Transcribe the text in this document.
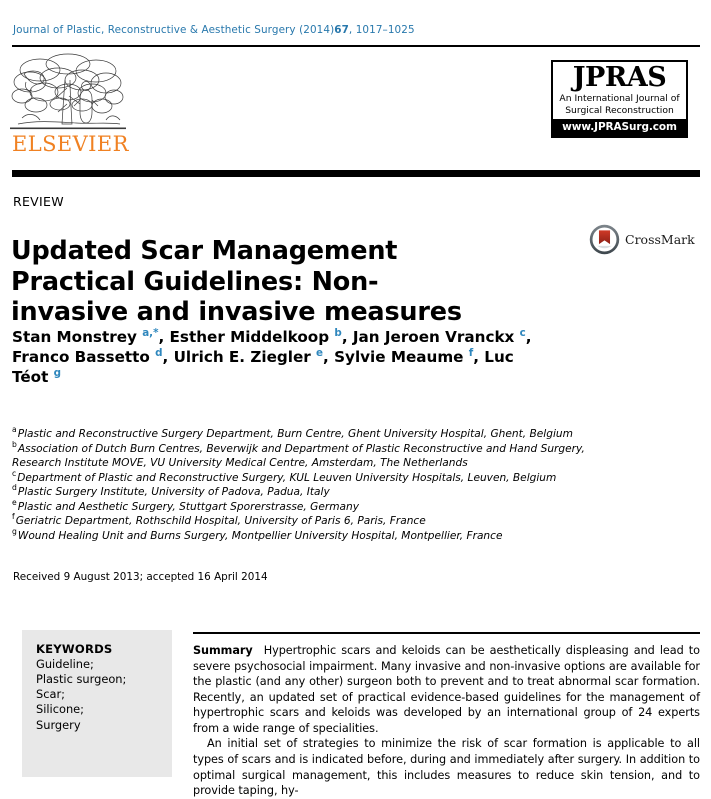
Journal of Plastic, Reconstructive & Aesthetic Surgery (2014)67, 1017–1025
ELSEVIER
JPRAS
An International Journal of
Surgical Reconstruction
www.JPRASurg.com
REVIEW
Updated Scar Management Practical Guidelines: Non-invasive and invasive measures
CrossMark
Stan Monstrey $^{a,*}$, Esther Middelkoop $^b$, Jan Jeroen Vranckx $^c$, Franco Bassetto $^d$, Ulrich E. Ziegler $^e$, Sylvie Meaume $^f$, Luc Téot $^g$
$^a$Plastic and Reconstructive Surgery Department, Burn Centre, Ghent University Hospital, Ghent, Belgium
$^b$Association of Dutch Burn Centres, Beverwijk and Department of Plastic Reconstructive and Hand Surgery, Research Institute MOVE, VU University Medical Centre, Amsterdam, The Netherlands
$^c$Department of Plastic and Reconstructive Surgery, KUL Leuven University Hospitals, Leuven, Belgium
$^d$Plastic Surgery Institute, University of Padova, Padua, Italy
$^e$Plastic and Aesthetic Surgery, Stuttgart Sporerstrasse, Germany
$^f$Geriatric Department, Rothschild Hospital, University of Paris 6, Paris, France
$^g$Wound Healing Unit and Burns Surgery, Montpellier University Hospital, Montpellier, France
Received 9 August 2013; accepted 16 April 2014
KEYWORDS
Guideline;
Plastic surgeon;
Scar;
Silicone;
Surgery

Summary Hypertrophic scars and keloids can be aesthetically displeasing and lead to severe psychosocial impairment. Many invasive and non-invasive options are available for the plastic (and any other) surgeon both to prevent and to treat abnormal scar formation. Recently, an updated set of practical evidence-based guidelines for the management of hypertrophic scars and keloids was developed by an international group of 24 experts from a wide range of specialities.

An initial set of strategies to minimize the risk of scar formation is applicable to all types of scars and is indicated before, during and immediately after surgery. In addition to optimal surgical management, this includes measures to reduce skin tension, and to provide taping, hy-
